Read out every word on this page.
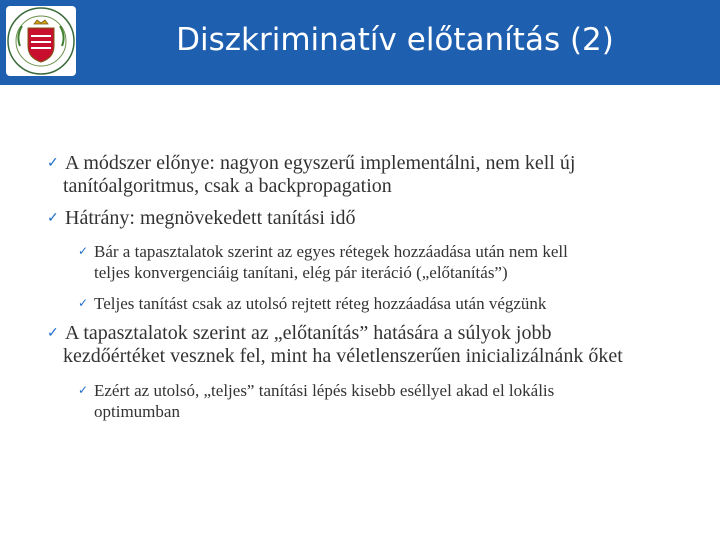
Diszkriminatív előtanítás (2)
✓ A módszer előnye: nagyon egyszerű implementálni, nem kell új
tanítóalgoritmus, csak a backpropagation
✓ Hátrány: megnövekedett tanítási idő
✓ Bár a tapasztalatok szerint az egyes rétegek hozzáadása után nem kell
teljes konvergenciáig tanítani, elég pár iteráció („előtanítás”)
✓ Teljes tanítást csak az utolsó rejtett réteg hozzáadása után végzünk
✓ A tapasztalatok szerint az „előtanítás” hatására a súlyok jobb
kezdőértéket vesznek fel, mint ha véletlenszerűen inicializálnánk őket
✓ Ezért az utolsó, „teljes” tanítási lépés kisebb eséllyel akad el lokális
optimumban
